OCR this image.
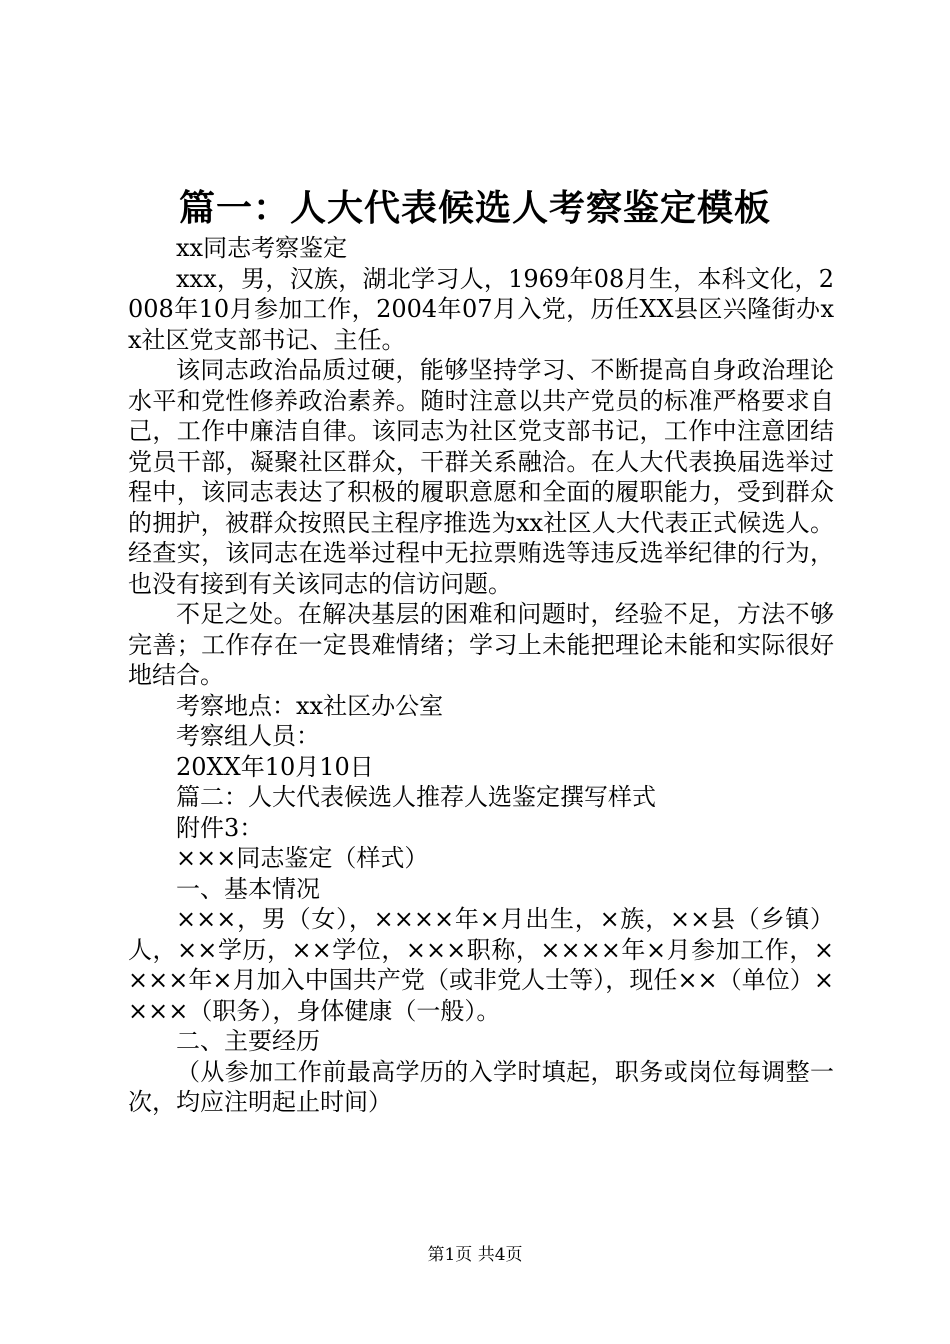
篇一：人大代表候选人考察鉴定模板

xx同志考察鉴定

xxx，男，汉族，湖北学习人，1969年08月生，本科文化，2008年10月参加工作，2004年07月入党，历任XX县区兴隆街办xx社区党支部书记、主任。

该同志政治品质过硬，能够坚持学习、不断提高自身政治理论水平和党性修养政治素养。随时注意以共产党员的标准严格要求自己，工作中廉洁自律。该同志为社区党支部书记，工作中注意团结党员干部，凝聚社区群众，干群关系融洽。在人大代表换届选举过程中，该同志表达了积极的履职意愿和全面的履职能力，受到群众的拥护，被群众按照民主程序推选为xx社区人大代表正式候选人。经查实，该同志在选举过程中无拉票贿选等违反选举纪律的行为，也没有接到有关该同志的信访问题。

不足之处。在解决基层的困难和问题时，经验不足，方法不够完善；工作存在一定畏难情绪；学习上未能把理论未能和实际很好地结合。

考察地点：xx社区办公室

考察组人员：

20XX年10月10日

篇二：人大代表候选人推荐人选鉴定撰写样式

附件3：

×××同志鉴定（样式）

一、基本情况

×××，男（女），××××年×月出生，×族，××县（乡镇）人，××学历，××学位，×××职称，××××年×月参加工作，××××年×月加入中国共产党（或非党人士等），现任××（单位）××××（职务），身体健康（一般）。

二、主要经历

（从参加工作前最高学历的入学时填起，职务或岗位每调整一次，均应注明起止时间）

第1页 共4页
